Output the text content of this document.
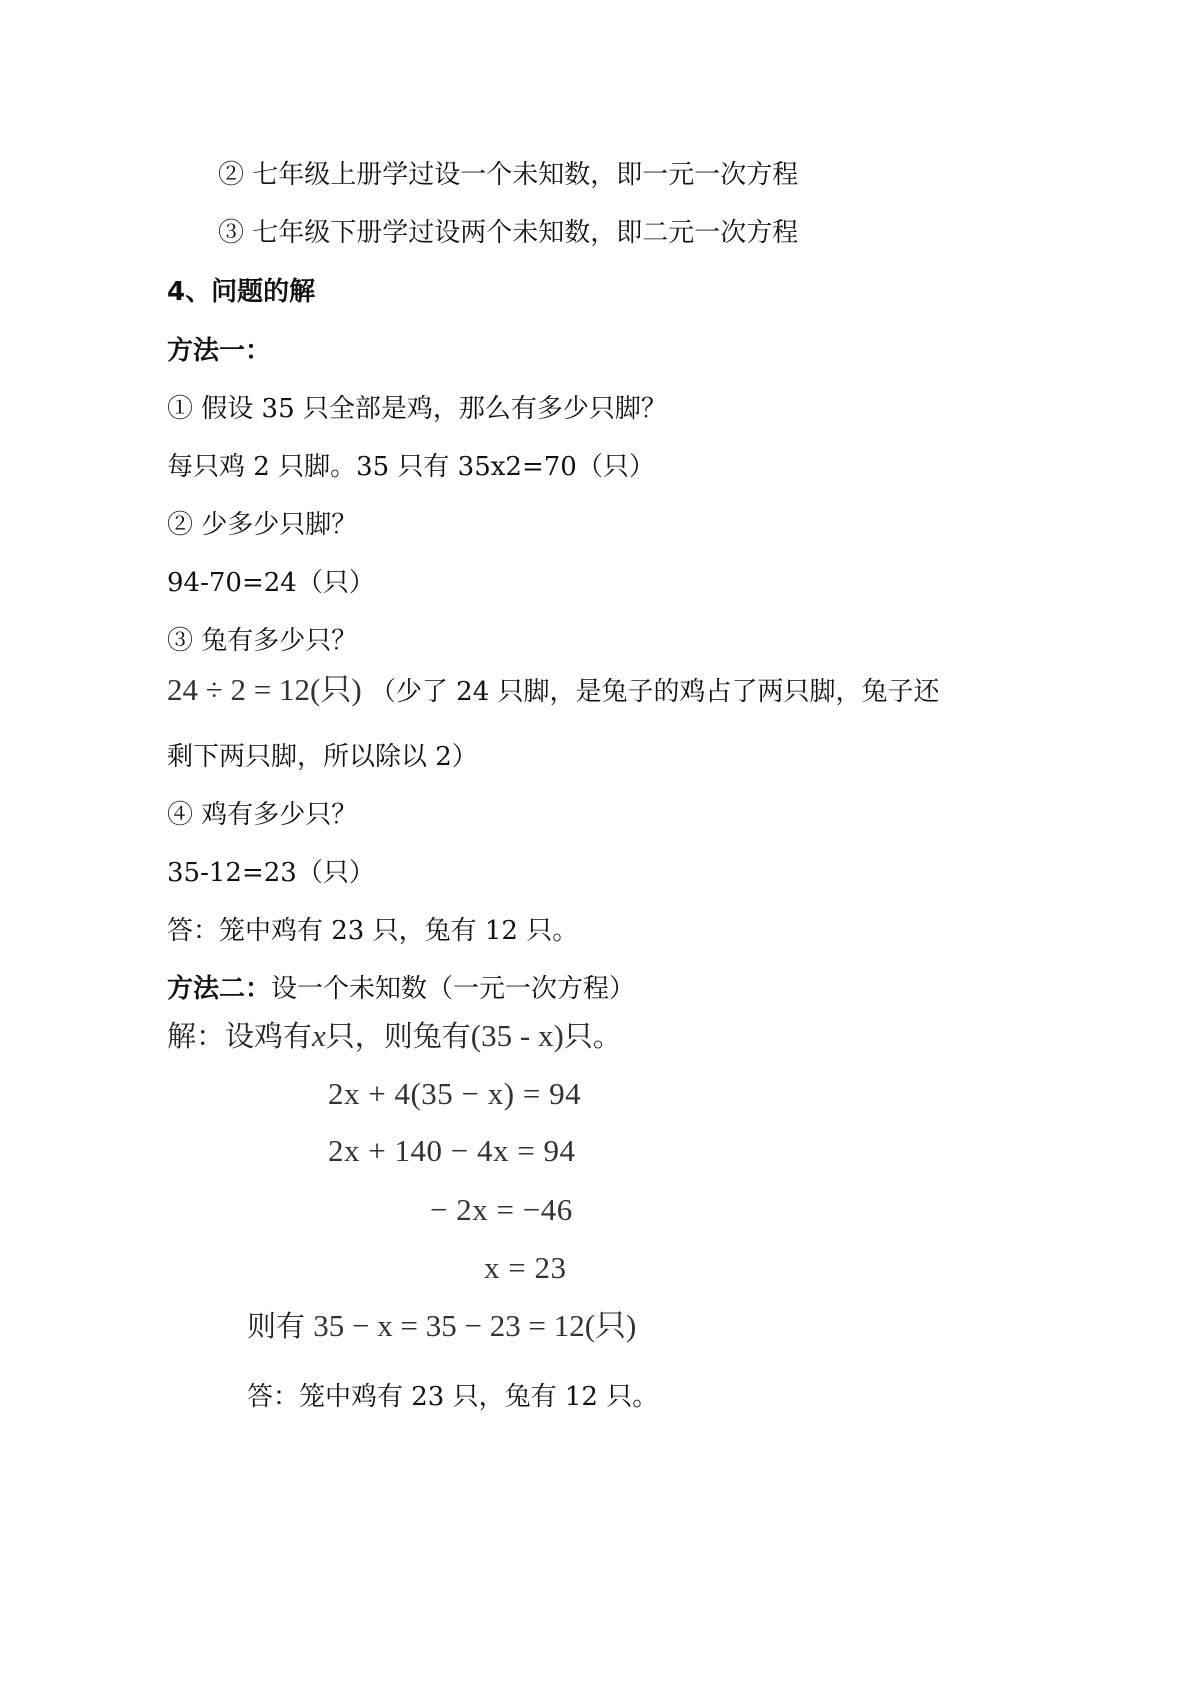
② 七年级上册学过设一个未知数，即一元一次方程
③ 七年级下册学过设两个未知数，即二元一次方程
4、问题的解
方法一：
① 假设 35 只全部是鸡，那么有多少只脚？
每只鸡 2 只脚。35 只有 35x2=70（只）
② 少多少只脚？
94-70=24（只）
③ 兔有多少只？
24 ÷ 2 = 12(只) （少了 24 只脚，是兔子的鸡占了两只脚，兔子还
剩下两只脚，所以除以 2）
④ 鸡有多少只？
35-12=23（只）
答：笼中鸡有 23 只，兔有 12 只。
方法二：设一个未知数（一元一次方程）
解：设鸡有x只，则兔有(35 - x)只。
2x + 4(35 − x) = 94
2x + 140 − 4x = 94
− 2x = −46
x = 23
则有 35 − x = 35 − 23 = 12(只)
答：笼中鸡有 23 只，兔有 12 只。
